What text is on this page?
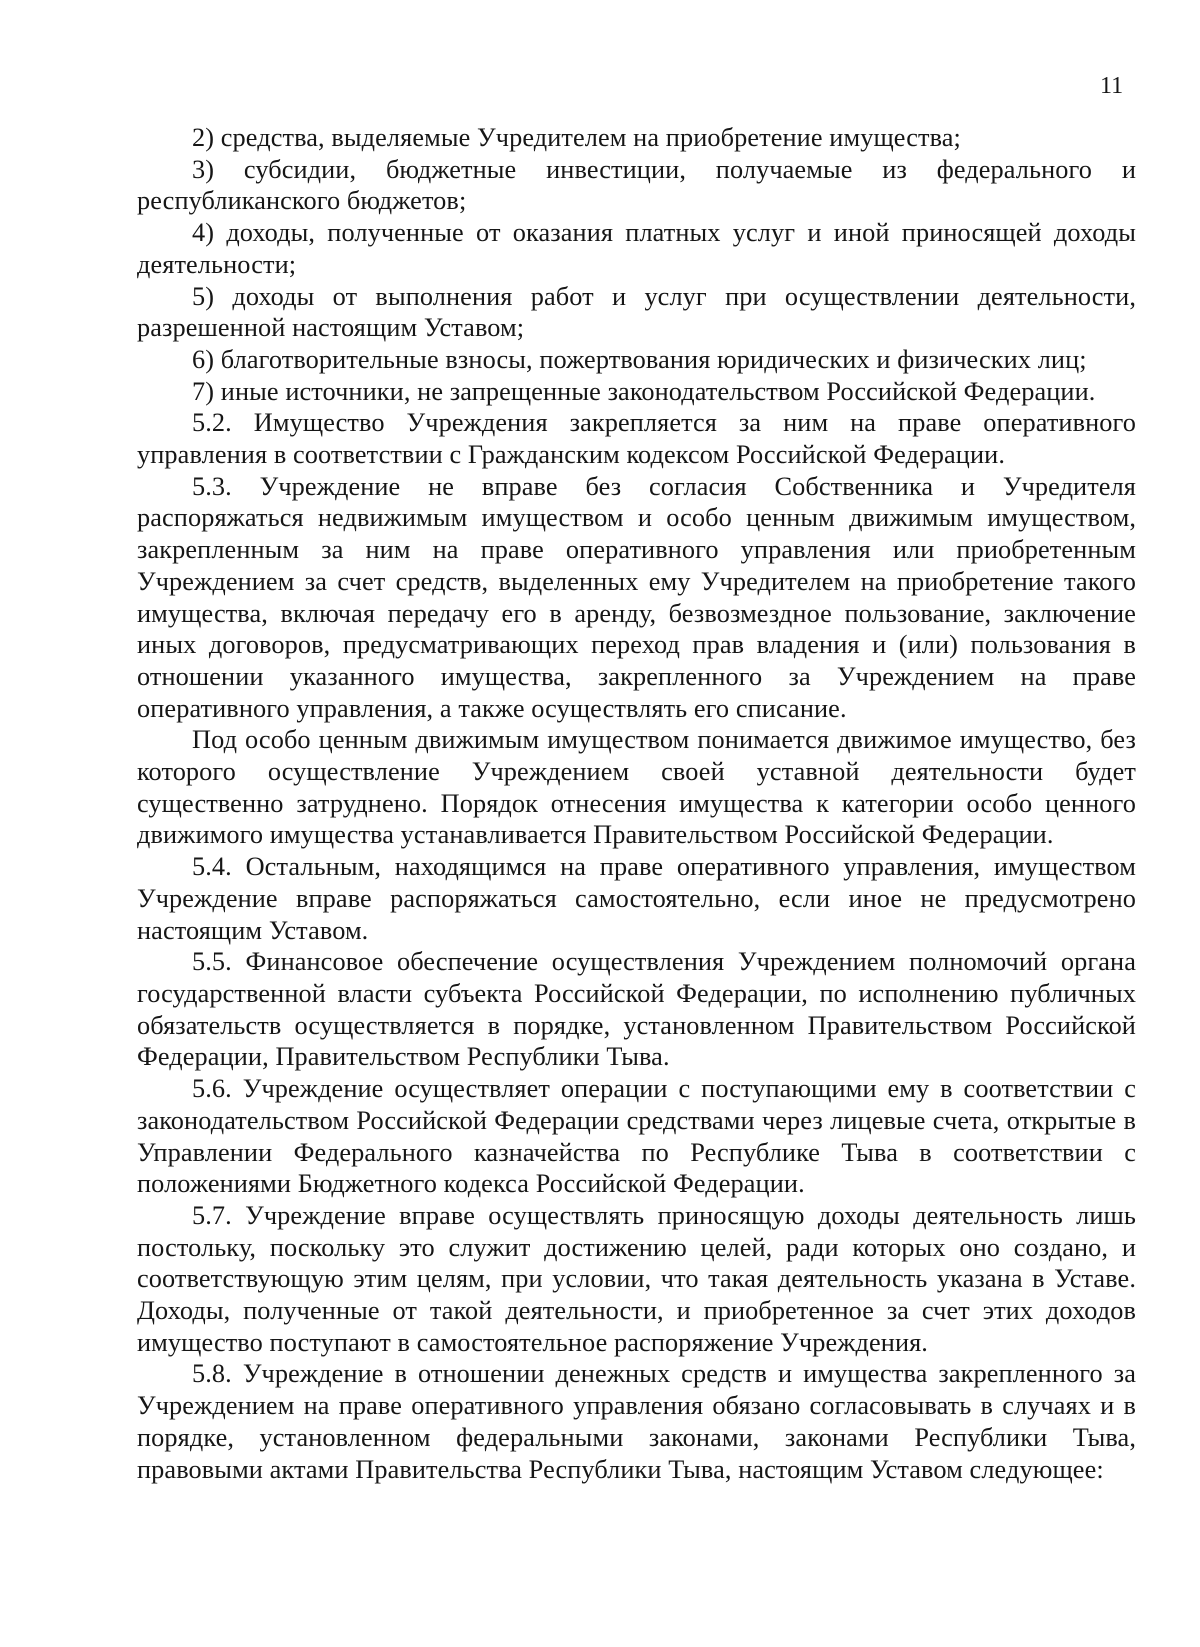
11

2) средства, выделяемые Учредителем на приобретение имущества;

3) субсидии, бюджетные инвестиции, получаемые из федерального и республиканского бюджетов;

4) доходы, полученные от оказания платных услуг и иной приносящей доходы деятельности;

5) доходы от выполнения работ и услуг при осуществлении деятельности, разрешенной настоящим Уставом;

6) благотворительные взносы, пожертвования юридических и физических лиц;

7) иные источники, не запрещенные законодательством Российской Федерации.

5.2. Имущество Учреждения закрепляется за ним на праве оперативного управления в соответствии с Гражданским кодексом Российской Федерации.

5.3. Учреждение не вправе без согласия Собственника и Учредителя распоряжаться недвижимым имуществом и особо ценным движимым имуществом, закрепленным за ним на праве оперативного управления или приобретенным Учреждением за счет средств, выделенных ему Учредителем на приобретение такого имущества, включая передачу его в аренду, безвозмездное пользование, заключение иных договоров, предусматривающих переход прав владения и (или) пользования в отношении указанного имущества, закрепленного за Учреждением на праве оперативного управления, а также осуществлять его списание.

Под особо ценным движимым имуществом понимается движимое имущество, без которого осуществление Учреждением своей уставной деятельности будет существенно затруднено. Порядок отнесения имущества к категории особо ценного движимого имущества устанавливается Правительством Российской Федерации.

5.4. Остальным, находящимся на праве оперативного управления, имуществом Учреждение вправе распоряжаться самостоятельно, если иное не предусмотрено настоящим Уставом.

5.5. Финансовое обеспечение осуществления Учреждением полномочий органа государственной власти субъекта Российской Федерации, по исполнению публичных обязательств осуществляется в порядке, установленном Правительством Российской Федерации, Правительством Республики Тыва.

5.6. Учреждение осуществляет операции с поступающими ему в соответствии с законодательством Российской Федерации средствами через лицевые счета, открытые в Управлении Федерального казначейства по Республике Тыва в соответствии с положениями Бюджетного кодекса Российской Федерации.

5.7. Учреждение вправе осуществлять приносящую доходы деятельность лишь постольку, поскольку это служит достижению целей, ради которых оно создано, и соответствующую этим целям, при условии, что такая деятельность указана в Уставе. Доходы, полученные от такой деятельности, и приобретенное за счет этих доходов имущество поступают в самостоятельное распоряжение Учреждения.

5.8. Учреждение в отношении денежных средств и имущества закрепленного за Учреждением на праве оперативного управления обязано согласовывать в случаях и в порядке, установленном федеральными законами, законами Республики Тыва, правовыми актами Правительства Республики Тыва, настоящим Уставом следующее:
